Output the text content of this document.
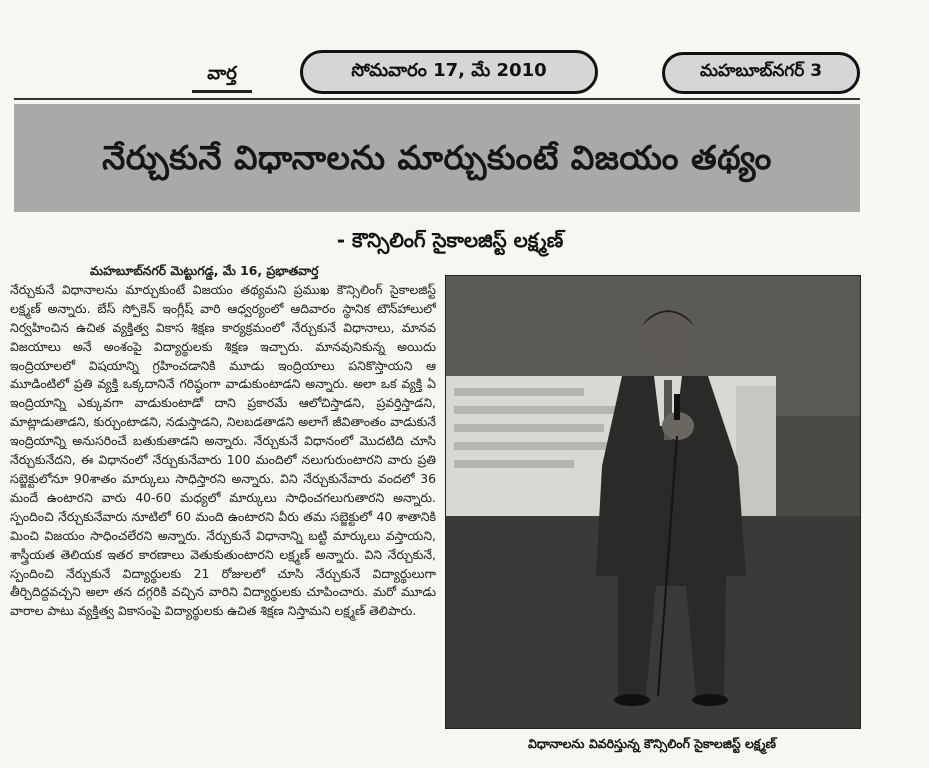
వార్త	సోమవారం 17, మే 2010	మహబూబ్‌నగర్ 3
నేర్చుకునే విధానాలను మార్చుకుంటే విజయం తథ్యం
- కౌన్సిలింగ్ సైకాలజిస్ట్ లక్ష్మణ్
మహబూబ్‌నగర్ మెట్టుగడ్డ, మే 16, ప్రభాతవార్త
నేర్చుకునే విధానాలను మార్చుకుంటే విజయం తథ్యమని ప్రముఖ కౌన్సిలింగ్ సైకాలజిస్ట్ లక్ష్మణ్ అన్నారు. బేస్ స్పోకెన్ ఇంగ్లీష్ వారి ఆధ్వర్యంలో ఆదివారం స్థానిక టౌన్‌హాలులో నిర్వహించిన ఉచిత వ్యక్తిత్వ వికాస శిక్షణ కార్యక్రమంలో నేర్చుకునే విధానాలు, మానవ విజయాలు అనే అంశంపై విద్యార్థులకు శిక్షణ ఇచ్చారు. మానవునికున్న అయిదు ఇంద్రియాలలో విషయాన్ని గ్రహించడానికి మూడు ఇంద్రియాలు పనికొస్తాయని ఆ మూడింటిలో ప్రతి వ్యక్తి ఒక్కదానినే గరిష్ఠంగా వాడుకుంటాడని అన్నారు. అలా ఒక వ్యక్తి ఏ ఇంద్రియాన్ని ఎక్కువగా వాడుకుంటాడో దాని ప్రకారమే ఆలోచిస్తాడని, ప్రవర్తిస్తాడని, మాట్లాడుతాడని, కుర్చుంటాడని, నడుస్తాడని, నిలబడతాడని అలాగే జీవితాంతం వాడుకునే ఇంద్రియాన్ని అనుసరించే బతుకుతాడని అన్నారు. నేర్చుకునే విధానంలో మొదటిది చూసి నేర్చుకునేదని, ఈ విధానంలో నేర్చుకునేవారు 100 మందిలో నలుగురుంటారని వారు ప్రతి సబ్జెక్టులోనూ 90శాతం మార్కులు సాధిస్తారని అన్నారు. విని నేర్చుకునేవారు వందలో 36 మందే ఉంటారని వారు 40-60 మధ్యలో మార్కులు సాధించగలుగుతారని అన్నారు. స్పందించి నేర్చుకునేవారు నూటిలో 60 మంది ఉంటారని వీరు తమ సబ్జెక్టులో 40 శాతానికి మించి విజయం సాధించలేరని అన్నారు. నేర్చుకునే విధానాన్ని బట్టి మార్కులు వస్తాయని, శాస్త్రీయత తెలియక ఇతర కారణాలు వెతుకుతుంటారని లక్ష్మణ్ అన్నారు. విని నేర్చుకునే, స్పందించి నేర్చుకునే విద్యార్థులకు 21 రోజులలో చూసి నేర్చుకునే విద్యార్థులుగా తీర్చిదిద్దవచ్చని అలా తన దగ్గరికి వచ్చిన వారిని విద్యార్థులకు చూపించారు. మరో మూడు వారాల పాటు వ్యక్తిత్వ వికాసంపై విద్యార్థులకు ఉచిత శిక్షణ నిస్తామని లక్ష్మణ్ తెలిపారు.
విధానాలను వివరిస్తున్న కౌన్సిలింగ్ సైకాలజిస్ట్ లక్ష్మణ్
